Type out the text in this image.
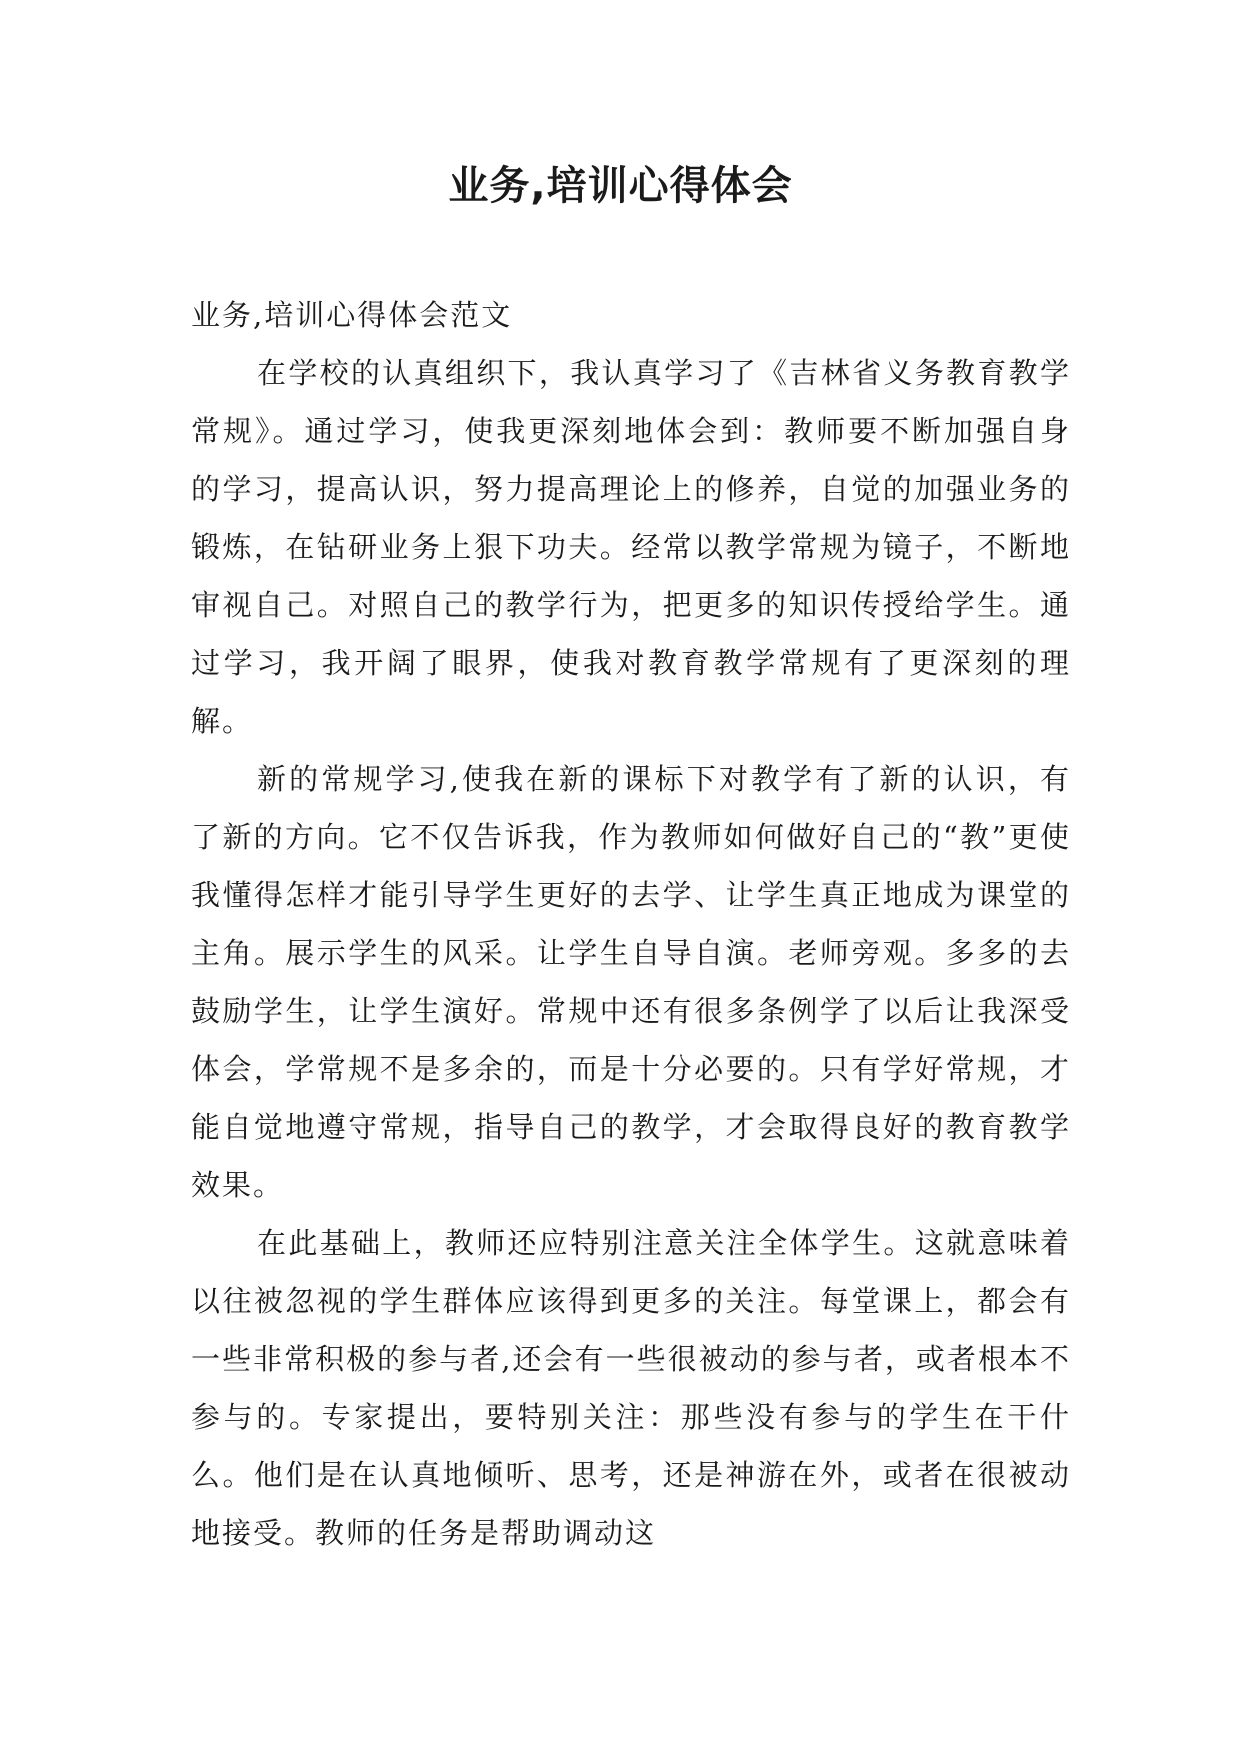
业务,培训心得体会

业务,培训心得体会范文

在学校的认真组织下，我认真学习了《吉林省义务教育教学常规》。通过学习，使我更深刻地体会到：教师要不断加强自身的学习，提高认识，努力提高理论上的修养，自觉的加强业务的锻炼，在钻研业务上狠下功夫。经常以教学常规为镜子，不断地审视自己。对照自己的教学行为，把更多的知识传授给学生。通过学习，我开阔了眼界，使我对教育教学常规有了更深刻的理解。

新的常规学习,使我在新的课标下对教学有了新的认识，有了新的方向。它不仅告诉我，作为教师如何做好自己的“教”更使我懂得怎样才能引导学生更好的去学、让学生真正地成为课堂的主角。展示学生的风采。让学生自导自演。老师旁观。多多的去鼓励学生，让学生演好。常规中还有很多条例学了以后让我深受体会，学常规不是多余的，而是十分必要的。只有学好常规，才能自觉地遵守常规，指导自己的教学，才会取得良好的教育教学效果。

在此基础上，教师还应特别注意关注全体学生。这就意味着以往被忽视的学生群体应该得到更多的关注。每堂课上，都会有一些非常积极的参与者,还会有一些很被动的参与者，或者根本不参与的。专家提出，要特别关注：那些没有参与的学生在干什么。他们是在认真地倾听、思考，还是神游在外，或者在很被动地接受。教师的任务是帮助调动这
